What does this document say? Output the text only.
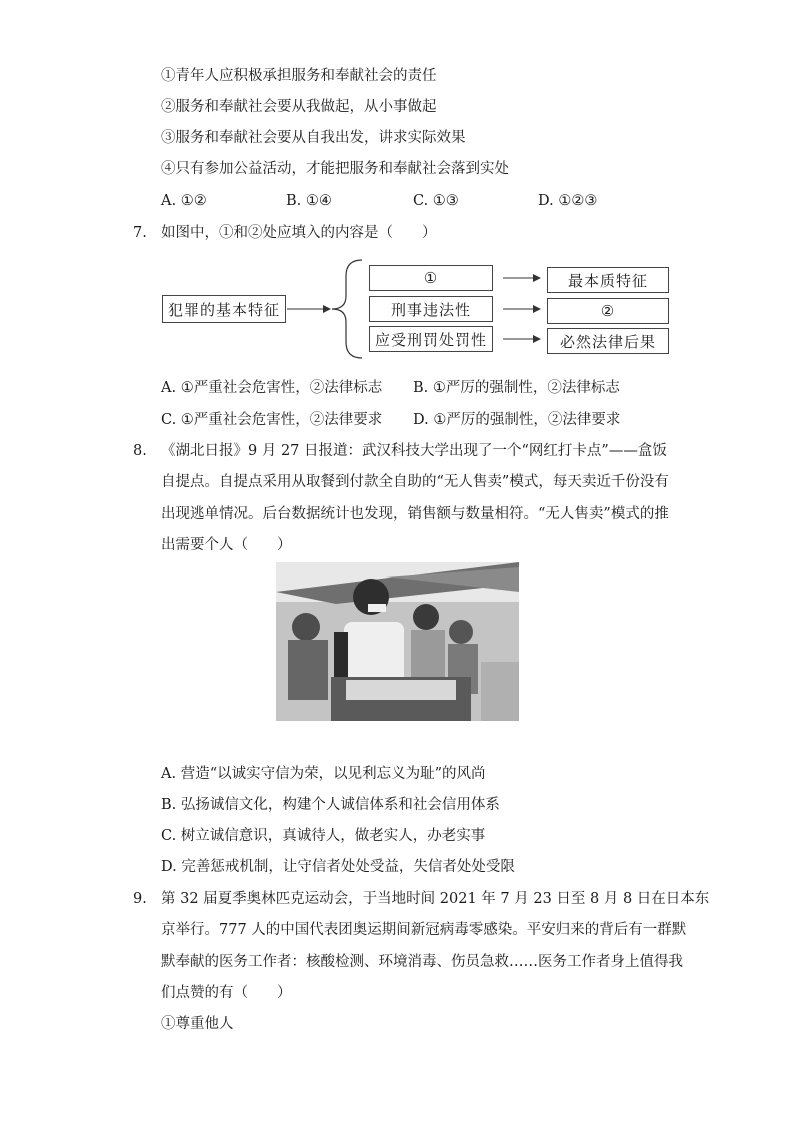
①青年人应积极承担服务和奉献社会的责任
②服务和奉献社会要从我做起，从小事做起
③服务和奉献社会要从自我出发，讲求实际效果
④只有参加公益活动，才能把服务和奉献社会落到实处
A. ①②	B. ①④	C. ①③	D. ①②③
7. 如图中，①和②处应填入的内容是（　　）
犯罪的基本特征
①
刑事违法性
应受刑罚处罚性
最本质特征
②
必然法律后果
A. ①严重社会危害性，②法律标志 B. ①严厉的强制性，②法律标志
C. ①严重社会危害性，②法律要求 D. ①严厉的强制性，②法律要求
8. 《湖北日报》9 月 27 日报道：武汉科技大学出现了一个“网红打卡点”——盒饭
自提点。自提点采用从取餐到付款全自助的“无人售卖”模式，每天卖近千份没有
出现逃单情况。后台数据统计也发现，销售额与数量相符。“无人售卖”模式的推
出需要个人（　　）
A. 营造“以诚实守信为荣，以见利忘义为耻”的风尚
B. 弘扬诚信文化，构建个人诚信体系和社会信用体系
C. 树立诚信意识，真诚待人，做老实人，办老实事
D. 完善惩戒机制，让守信者处处受益，失信者处处受限
9. 第 32 届夏季奥林匹克运动会，于当地时间 2021 年 7 月 23 日至 8 月 8 日在日本东
京举行。777 人的中国代表团奥运期间新冠病毒零感染。平安归来的背后有一群默
默奉献的医务工作者：核酸检测、环境消毒、伤员急救……医务工作者身上值得我
们点赞的有（　　）
①尊重他人
